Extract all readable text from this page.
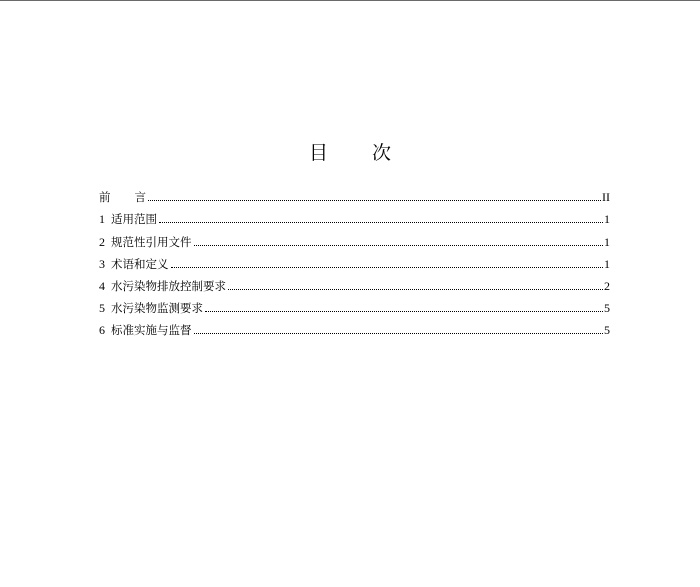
目 次
前 言	II
1 适用范围	1
2 规范性引用文件	1
3 术语和定义	1
4 水污染物排放控制要求	2
5 水污染物监测要求	5
6 标准实施与监督	5
